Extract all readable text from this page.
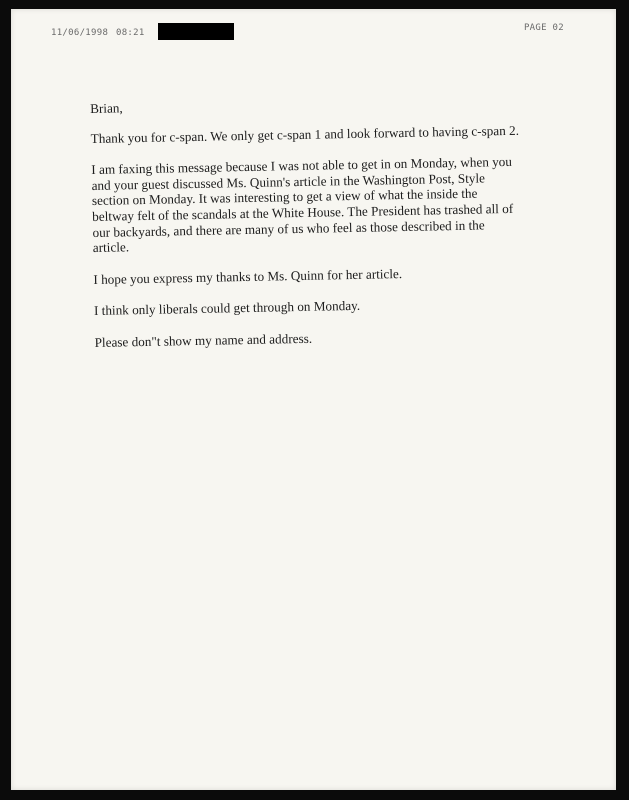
11/06/1998 08:21	PAGE 02

Brian,

Thank you for c-span. We only get c-span 1 and look forward to having c-span 2.

I am faxing this message because I was not able to get in on Monday, when you and your guest discussed Ms. Quinn's article in the Washington Post, Style section on Monday. It was interesting to get a view of what the inside the beltway felt of the scandals at the White House. The President has trashed all of our backyards, and there are many of us who feel as those described in the article.

I hope you express my thanks to Ms. Quinn for her article.

I think only liberals could get through on Monday.

Please don"t show my name and address.
